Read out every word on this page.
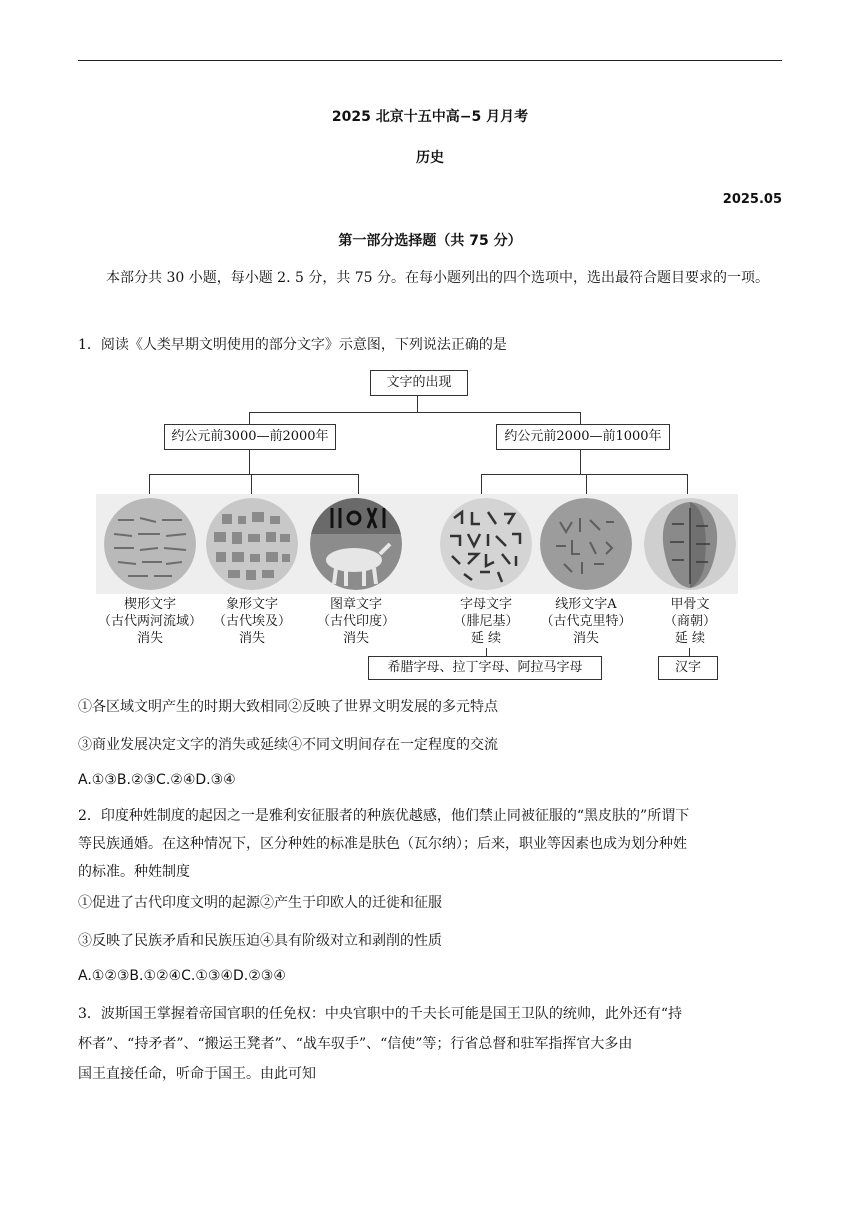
2025 北京十五中高−5 月月考
历史
2025.05
第一部分选择题（共 75 分）
本部分共 30 小题，每小题 2. 5 分，共 75 分。在每小题列出的四个选项中，选出最符合题目要求的一项。
1．阅读《人类早期文明使用的部分文字》示意图，下列说法正确的是
文字的出现
约公元前3000—前2000年	约公元前2000—前1000年
楔形文字
（古代两河流域）
消失
象形文字
（古代埃及）
消失
图章文字
（古代印度）
消失
字母文字
（腓尼基）
延 续
线形文字A
（古代克里特）
消失
甲骨文
（商朝）
延 续
希腊字母、拉丁字母、阿拉马字母	汉字
①各区域文明产生的时期大致相同②反映了世界文明发展的多元特点
③商业发展决定文字的消失或延续④不同文明间存在一定程度的交流
A.①③B.②③C.②④D.③④
2．印度种姓制度的起因之一是雅利安征服者的种族优越感，他们禁止同被征服的“黑皮肤的”所谓下
等民族通婚。在这种情况下，区分种姓的标准是肤色（瓦尔纳）；后来，职业等因素也成为划分种姓
的标准。种姓制度
①促进了古代印度文明的起源②产生于印欧人的迁徙和征服
③反映了民族矛盾和民族压迫④具有阶级对立和剥削的性质
A.①②③B.①②④C.①③④D.②③④
3．波斯国王掌握着帝国官职的任免权：中央官职中的千夫长可能是国王卫队的统帅，此外还有“持
杯者”、“持矛者”、“搬运王凳者”、“战车驭手”、“信使”等；行省总督和驻军指挥官大多由
国王直接任命，听命于国王。由此可知
